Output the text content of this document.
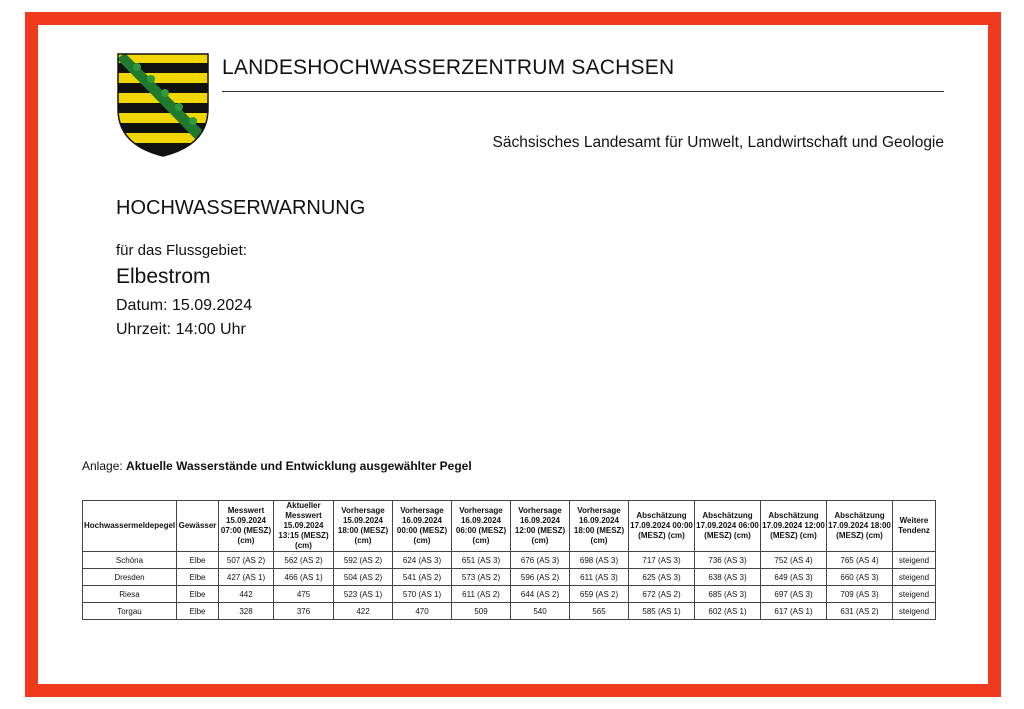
LANDESHOCHWASSERZENTRUM SACHSEN
Sächsisches Landesamt für Umwelt, Landwirtschaft und Geologie
HOCHWASSERWARNUNG
für das Flussgebiet:
Elbestrom
Datum: 15.09.2024
Uhrzeit: 14:00 Uhr
Anlage: Aktuelle Wasserstände und Entwicklung ausgewählter Pegel
Hochwassermeldepegel	Gewässer	Messwert 15.09.2024 07:00 (MESZ) (cm)	Aktueller Messwert 15.09.2024 13:15 (MESZ) (cm)	Vorhersage 15.09.2024 18:00 (MESZ) (cm)	Vorhersage 16.09.2024 00:00 (MESZ) (cm)	Vorhersage 16.09.2024 06:00 (MESZ) (cm)	Vorhersage 16.09.2024 12:00 (MESZ) (cm)	Vorhersage 16.09.2024 18:00 (MESZ) (cm)	Abschätzung 17.09.2024 00:00 (MESZ) (cm)	Abschätzung 17.09.2024 06:00 (MESZ) (cm)	Abschätzung 17.09.2024 12:00 (MESZ) (cm)	Abschätzung 17.09.2024 18:00 (MESZ) (cm)	Weitere Tendenz
Schöna	Elbe	507 (AS 2)	562 (AS 2)	592 (AS 2)	624 (AS 3)	651 (AS 3)	676 (AS 3)	698 (AS 3)	717 (AS 3)	736 (AS 3)	752 (AS 4)	765 (AS 4)	steigend
Dresden	Elbe	427 (AS 1)	466 (AS 1)	504 (AS 2)	541 (AS 2)	573 (AS 2)	596 (AS 2)	611 (AS 3)	625 (AS 3)	638 (AS 3)	649 (AS 3)	660 (AS 3)	steigend
Riesa	Elbe	442	475	523 (AS 1)	570 (AS 1)	611 (AS 2)	644 (AS 2)	659 (AS 2)	672 (AS 2)	685 (AS 3)	697 (AS 3)	709 (AS 3)	steigend
Torgau	Elbe	328	376	422	470	509	540	565	585 (AS 1)	602 (AS 1)	617 (AS 1)	631 (AS 2)	steigend
